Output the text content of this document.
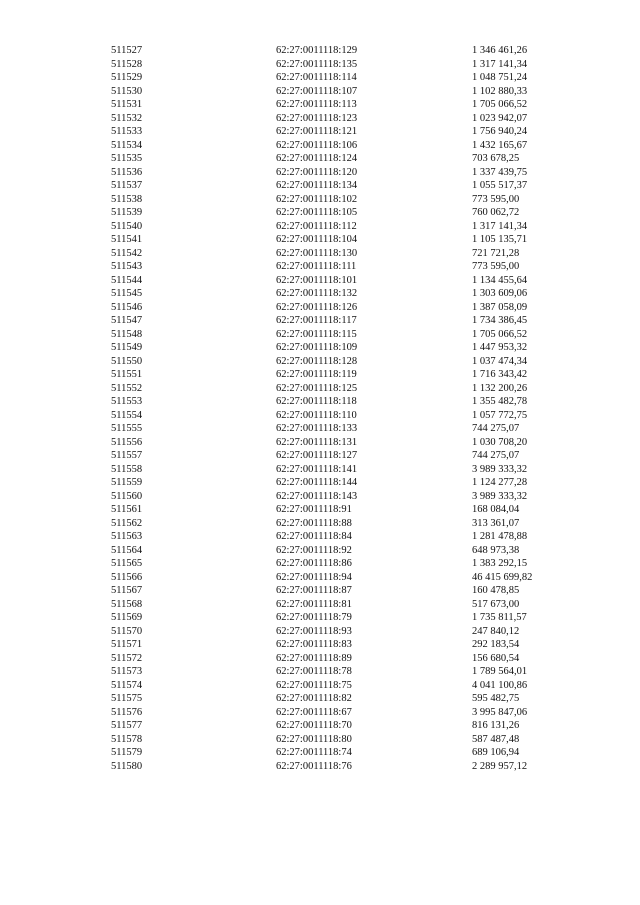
511527	62:27:0011118:129	1 346 461,26
511528	62:27:0011118:135	1 317 141,34
511529	62:27:0011118:114	1 048 751,24
511530	62:27:0011118:107	1 102 880,33
511531	62:27:0011118:113	1 705 066,52
511532	62:27:0011118:123	1 023 942,07
511533	62:27:0011118:121	1 756 940,24
511534	62:27:0011118:106	1 432 165,67
511535	62:27:0011118:124	703 678,25
511536	62:27:0011118:120	1 337 439,75
511537	62:27:0011118:134	1 055 517,37
511538	62:27:0011118:102	773 595,00
511539	62:27:0011118:105	760 062,72
511540	62:27:0011118:112	1 317 141,34
511541	62:27:0011118:104	1 105 135,71
511542	62:27:0011118:130	721 721,28
511543	62:27:0011118:111	773 595,00
511544	62:27:0011118:101	1 134 455,64
511545	62:27:0011118:132	1 303 609,06
511546	62:27:0011118:126	1 387 058,09
511547	62:27:0011118:117	1 734 386,45
511548	62:27:0011118:115	1 705 066,52
511549	62:27:0011118:109	1 447 953,32
511550	62:27:0011118:128	1 037 474,34
511551	62:27:0011118:119	1 716 343,42
511552	62:27:0011118:125	1 132 200,26
511553	62:27:0011118:118	1 355 482,78
511554	62:27:0011118:110	1 057 772,75
511555	62:27:0011118:133	744 275,07
511556	62:27:0011118:131	1 030 708,20
511557	62:27:0011118:127	744 275,07
511558	62:27:0011118:141	3 989 333,32
511559	62:27:0011118:144	1 124 277,28
511560	62:27:0011118:143	3 989 333,32
511561	62:27:0011118:91	168 084,04
511562	62:27:0011118:88	313 361,07
511563	62:27:0011118:84	1 281 478,88
511564	62:27:0011118:92	648 973,38
511565	62:27:0011118:86	1 383 292,15
511566	62:27:0011118:94	46 415 699,82
511567	62:27:0011118:87	160 478,85
511568	62:27:0011118:81	517 673,00
511569	62:27:0011118:79	1 735 811,57
511570	62:27:0011118:93	247 840,12
511571	62:27:0011118:83	292 183,54
511572	62:27:0011118:89	156 680,54
511573	62:27:0011118:78	1 789 564,01
511574	62:27:0011118:75	4 041 100,86
511575	62:27:0011118:82	595 482,75
511576	62:27:0011118:67	3 995 847,06
511577	62:27:0011118:70	816 131,26
511578	62:27:0011118:80	587 487,48
511579	62:27:0011118:74	689 106,94
511580	62:27:0011118:76	2 289 957,12
